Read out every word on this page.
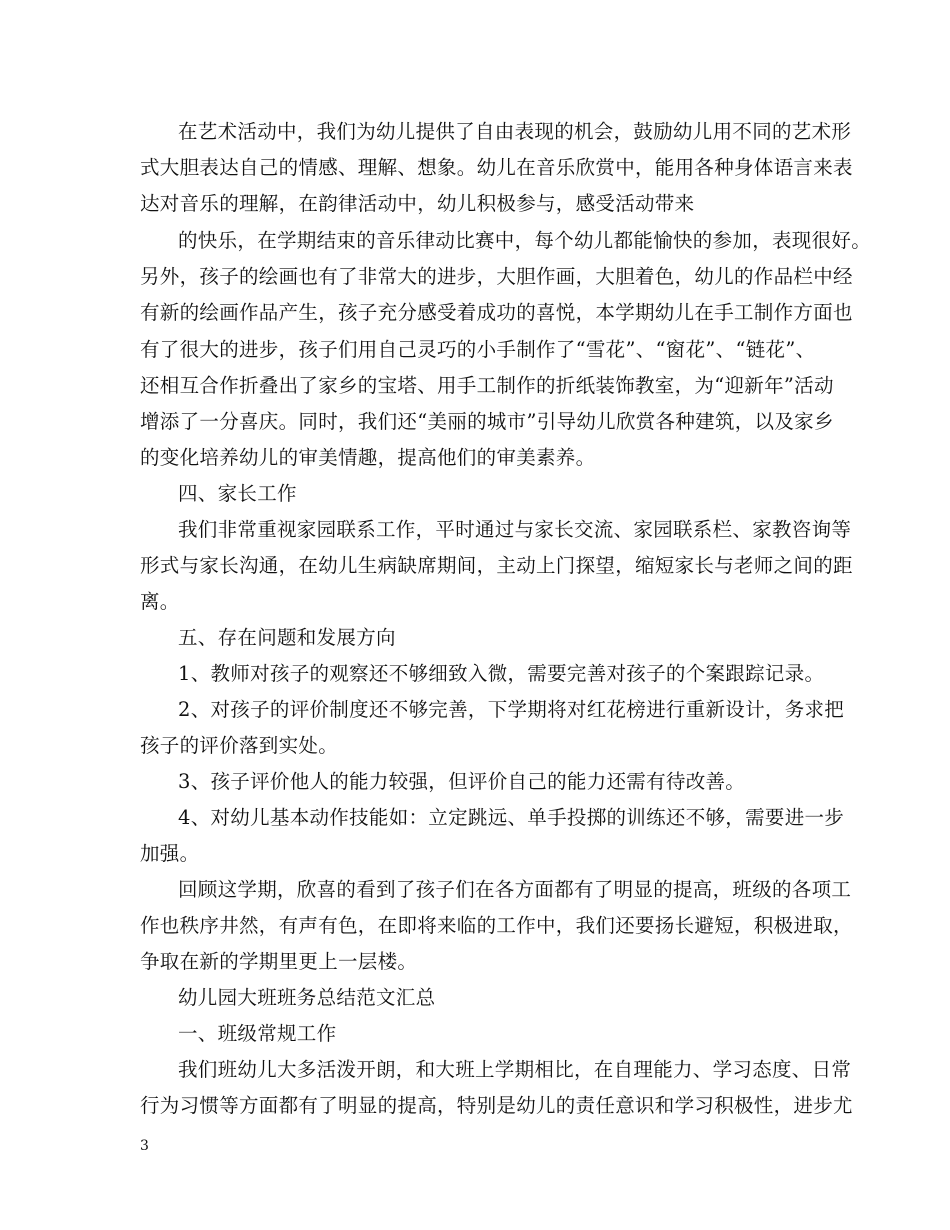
在艺术活动中，我们为幼儿提供了自由表现的机会，鼓励幼儿用不同的艺术形
式大胆表达自己的情感、理解、想象。幼儿在音乐欣赏中，能用各种身体语言来表
达对音乐的理解，在韵律活动中，幼儿积极参与，感受活动带来
的快乐，在学期结束的音乐律动比赛中，每个幼儿都能愉快的参加，表现很好。
另外，孩子的绘画也有了非常大的进步，大胆作画，大胆着色，幼儿的作品栏中经
有新的绘画作品产生，孩子充分感受着成功的喜悦，本学期幼儿在手工制作方面也
有了很大的进步，孩子们用自己灵巧的小手制作了“雪花”、“窗花”、“链花”、
还相互合作折叠出了家乡的宝塔、用手工制作的折纸装饰教室，为“迎新年”活动
增添了一分喜庆。同时，我们还“美丽的城市”引导幼儿欣赏各种建筑，以及家乡
的变化培养幼儿的审美情趣，提高他们的审美素养。
四、家长工作
我们非常重视家园联系工作，平时通过与家长交流、家园联系栏、家教咨询等
形式与家长沟通，在幼儿生病缺席期间，主动上门探望，缩短家长与老师之间的距
离。
五、存在问题和发展方向
1、教师对孩子的观察还不够细致入微，需要完善对孩子的个案跟踪记录。
2、对孩子的评价制度还不够完善，下学期将对红花榜进行重新设计，务求把
孩子的评价落到实处。
3、孩子评价他人的能力较强，但评价自己的能力还需有待改善。
4、对幼儿基本动作技能如：立定跳远、单手投掷的训练还不够，需要进一步
加强。
回顾这学期，欣喜的看到了孩子们在各方面都有了明显的提高，班级的各项工
作也秩序井然，有声有色，在即将来临的工作中，我们还要扬长避短，积极进取，
争取在新的学期里更上一层楼。
幼儿园大班班务总结范文汇总
一、班级常规工作
我们班幼儿大多活泼开朗，和大班上学期相比，在自理能力、学习态度、日常
行为习惯等方面都有了明显的提高，特别是幼儿的责任意识和学习积极性，进步尤
3
